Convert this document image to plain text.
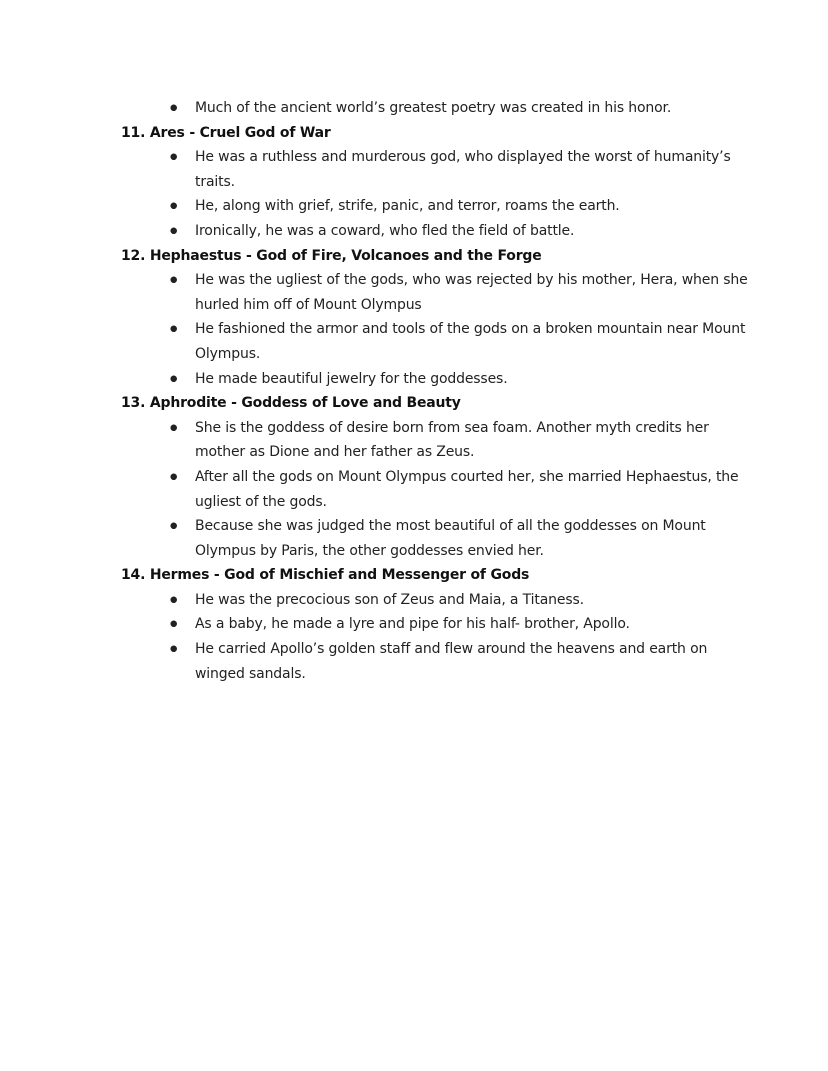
● Much of the ancient world’s greatest poetry was created in his honor.
11. Ares - Cruel God of War
● He was a ruthless and murderous god, who displayed the worst of humanity’s traits.
● He, along with grief, strife, panic, and terror, roams the earth.
● Ironically, he was a coward, who fled the field of battle.
12. Hephaestus - God of Fire, Volcanoes and the Forge
● He was the ugliest of the gods, who was rejected by his mother, Hera, when she hurled him off of Mount Olympus
● He fashioned the armor and tools of the gods on a broken mountain near Mount Olympus.
● He made beautiful jewelry for the goddesses.
13. Aphrodite - Goddess of Love and Beauty
● She is the goddess of desire born from sea foam. Another myth credits her mother as Dione and her father as Zeus.
● After all the gods on Mount Olympus courted her, she married Hephaestus, the ugliest of the gods.
● Because she was judged the most beautiful of all the goddesses on Mount Olympus by Paris, the other goddesses envied her.
14. Hermes - God of Mischief and Messenger of Gods
● He was the precocious son of Zeus and Maia, a Titaness.
● As a baby, he made a lyre and pipe for his half- brother, Apollo.
● He carried Apollo’s golden staff and flew around the heavens and earth on winged sandals.
